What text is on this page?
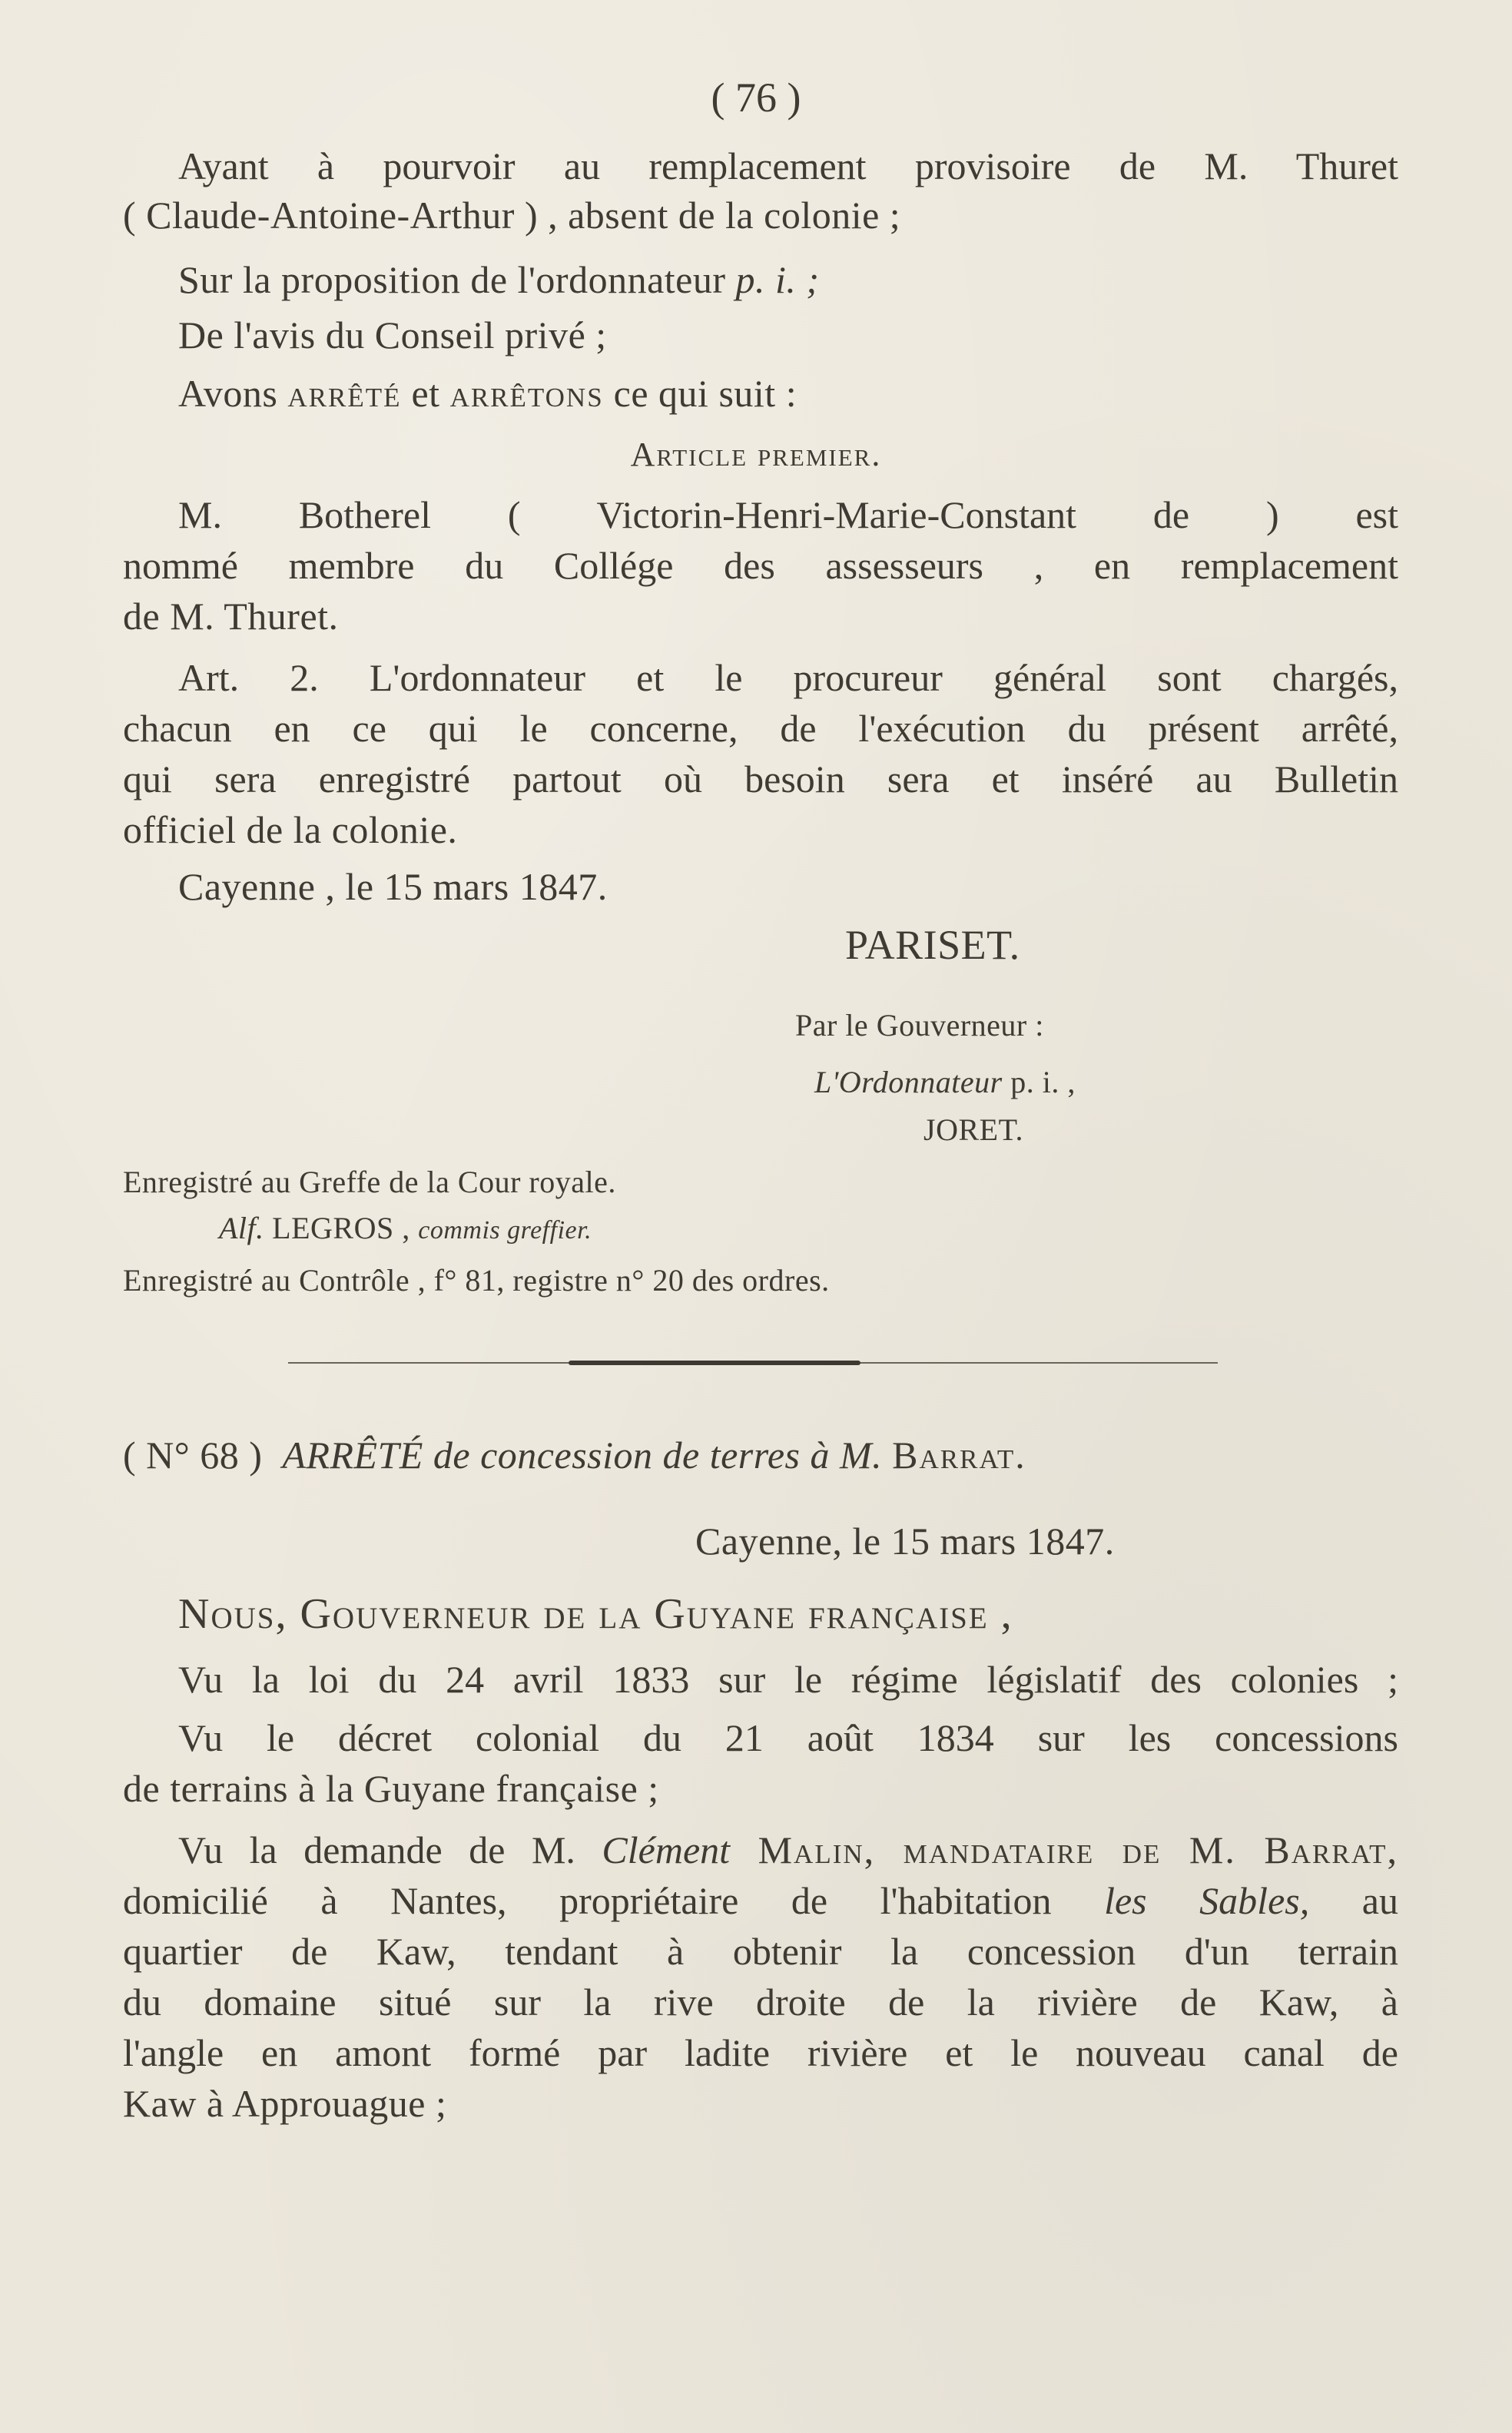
( 76 )
Ayant à pourvoir au remplacement provisoire de M. Thuret
( Claude-Antoine-Arthur ) , absent de la colonie ;
Sur la proposition de l'ordonnateur p. i. ;
De l'avis du Conseil privé ;
Avons arrêté et arrêtons ce qui suit :
Article premier.
M. Botherel ( Victorin-Henri-Marie-Constant de ) est
nommé membre du Collége des assesseurs , en remplacement
de M. Thuret.
Art. 2. L'ordonnateur et le procureur général sont chargés,
chacun en ce qui le concerne, de l'exécution du présent arrêté,
qui sera enregistré partout où besoin sera et inséré au Bulletin
officiel de la colonie.
Cayenne , le 15 mars 1847.
PARISET.
Par le Gouverneur :
L'Ordonnateur p. i. ,
JORET.
Enregistré au Greffe de la Cour royale.
Alf. LEGROS , commis greffier.
Enregistré au Contrôle , f° 81, registre n° 20 des ordres.
( N° 68 ) ARRÊTÉ de concession de terres à M. Barrat.
Cayenne, le 15 mars 1847.
Nous, Gouverneur de la Guyane française ,
Vu la loi du 24 avril 1833 sur le régime législatif des colonies ;
Vu le décret colonial du 21 août 1834 sur les concessions
de terrains à la Guyane française ;
Vu la demande de M. Clément Malin, mandataire de M. Barrat,
domicilié à Nantes, propriétaire de l'habitation les Sables, au
quartier de Kaw, tendant à obtenir la concession d'un terrain
du domaine situé sur la rive droite de la rivière de Kaw, à
l'angle en amont formé par ladite rivière et le nouveau canal de
Kaw à Approuague ;
